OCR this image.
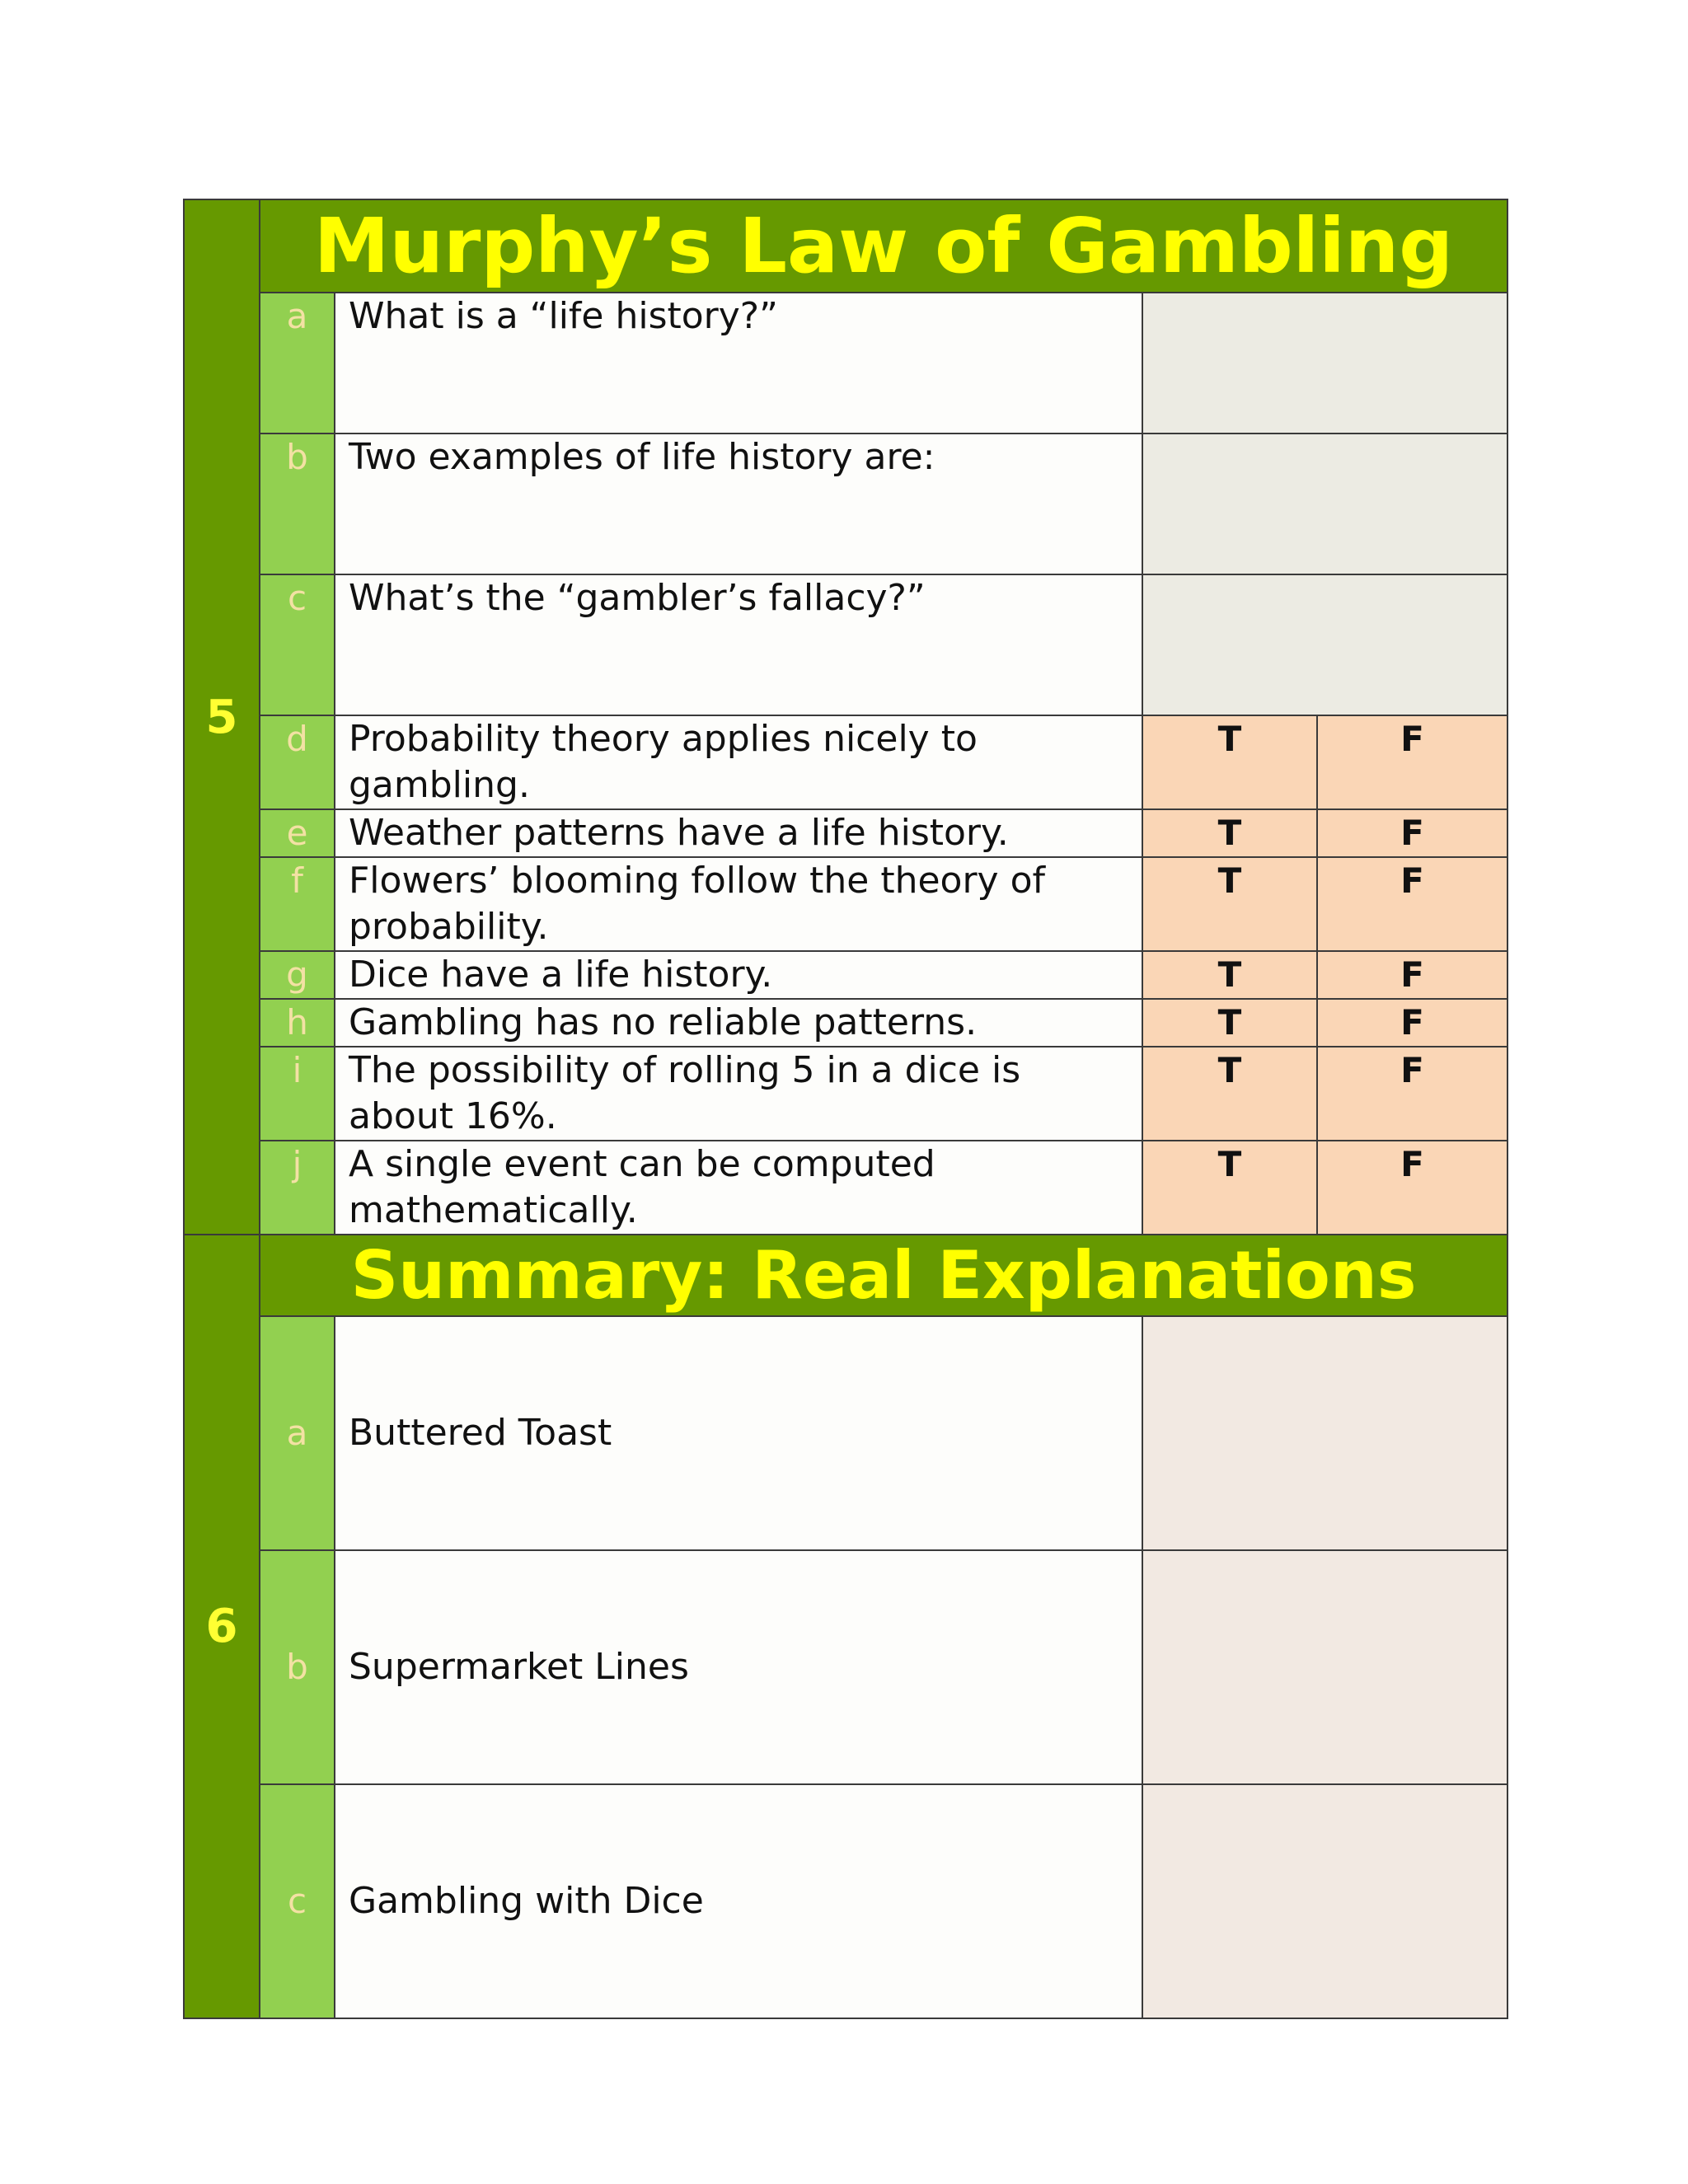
5	Murphy’s Law of Gambling			
	a	What is a “life history?”		
	b	Two examples of life history are:		
	c	What’s the “gambler’s fallacy?”		
	d	Probability theory applies nicely to gambling.	T	F
	e	Weather patterns have a life history.	T	F
	f	Flowers’ blooming follow the theory of probability.	T	F
	g	Dice have a life history.	T	F
	h	Gambling has no reliable patterns.	T	F
	i	The possibility of rolling 5 in a dice is about 16%.	T	F
	j	A single event can be computed mathematically.	T	F
6	Summary: Real Explanations			
	a	Buttered Toast		
	b	Supermarket Lines		
	c	Gambling with Dice		
